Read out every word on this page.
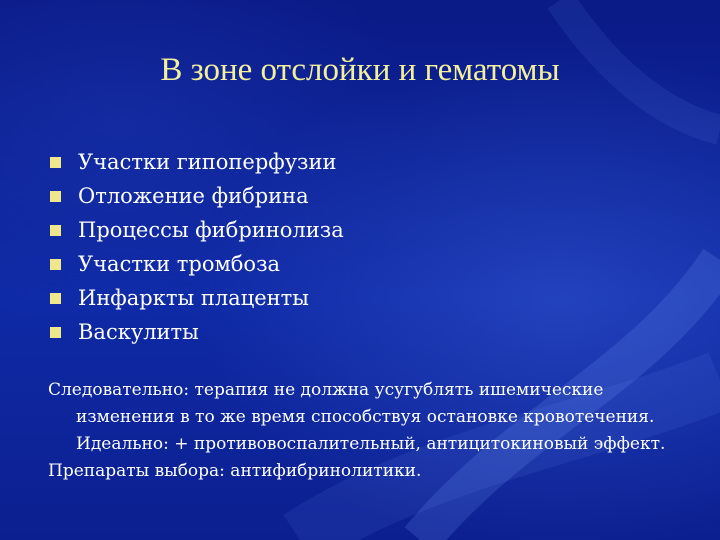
В зоне отслойки и гематомы
Участки гипоперфузии
Отложение фибрина
Процессы фибринолиза
Участки тромбоза
Инфаркты плаценты
Васкулиты

Следовательно: терапия не должна усугублять ишемические изменения в то же время способствуя остановке кровотечения. Идеально: + противовоспалительный, антицитокиновый эффект.

Препараты выбора: антифибринолитики.
